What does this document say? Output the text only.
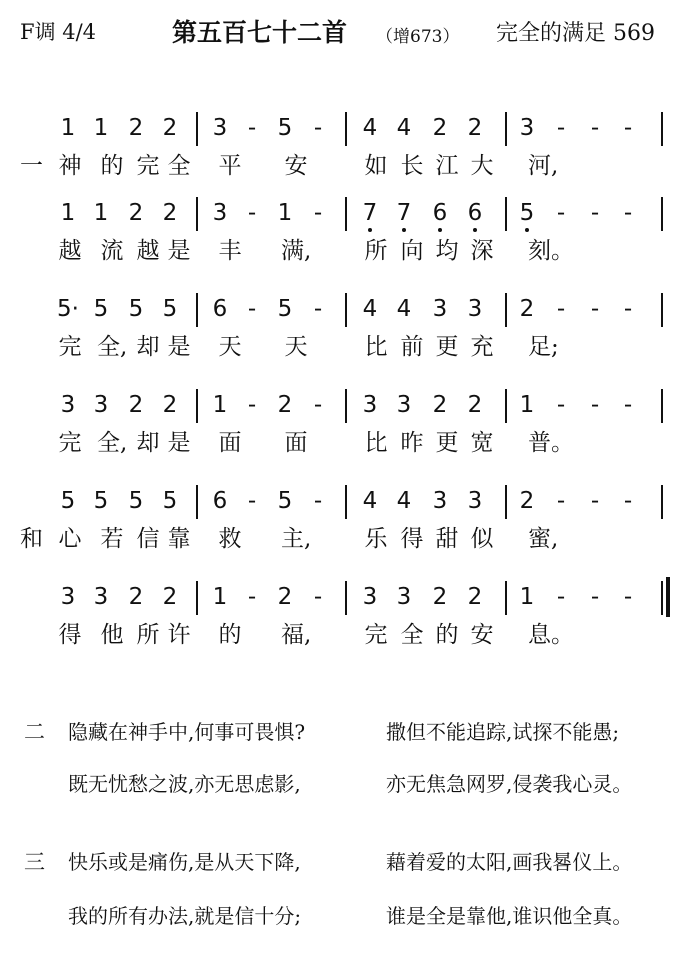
F调 4/4	第五百七十二首 （增673） 完全的满足 569
1 1 2 2 3 - 5 -	4 4 2 2 3 -	-	-
神 的 完 全 平 安 如 长 江 大 河,
一
1 1 2 2 3 - 1 -	7 7 6 6 5 -	-	-
越 流 越 是 丰 满, 所 向 均 深 刻。
5· 5 5 5 6 - 5 -	4 4 3 3 2 -	-	-
完 全, 却 是 天 天 比 前 更 充 足;
3 3 2 2 1 - 2 -	3 3 2 2 1 -	-	-
完 全, 却 是 面 面 比 昨 更 宽 普。
5 5 5 5 6 - 5 -	4 4 3 3 2 -	-	-
心 若 信 靠 救 主, 乐 得 甜 似 蜜,
和
3 3 2 2 1 - 2 -	3 3 2 2 1 -	-	-
得 他 所 许 的 福, 完 全 的 安 息。
二 隐藏在神手中,何事可畏惧?	撒但不能追踪,试探不能愚;
既无忧愁之波,亦无思虑影,	亦无焦急网罗,侵袭我心灵。
三 快乐或是痛伤,是从天下降,	藉着爱的太阳,画我晷仪上。
我的所有办法,就是信十分;	谁是全是靠他,谁识他全真。
